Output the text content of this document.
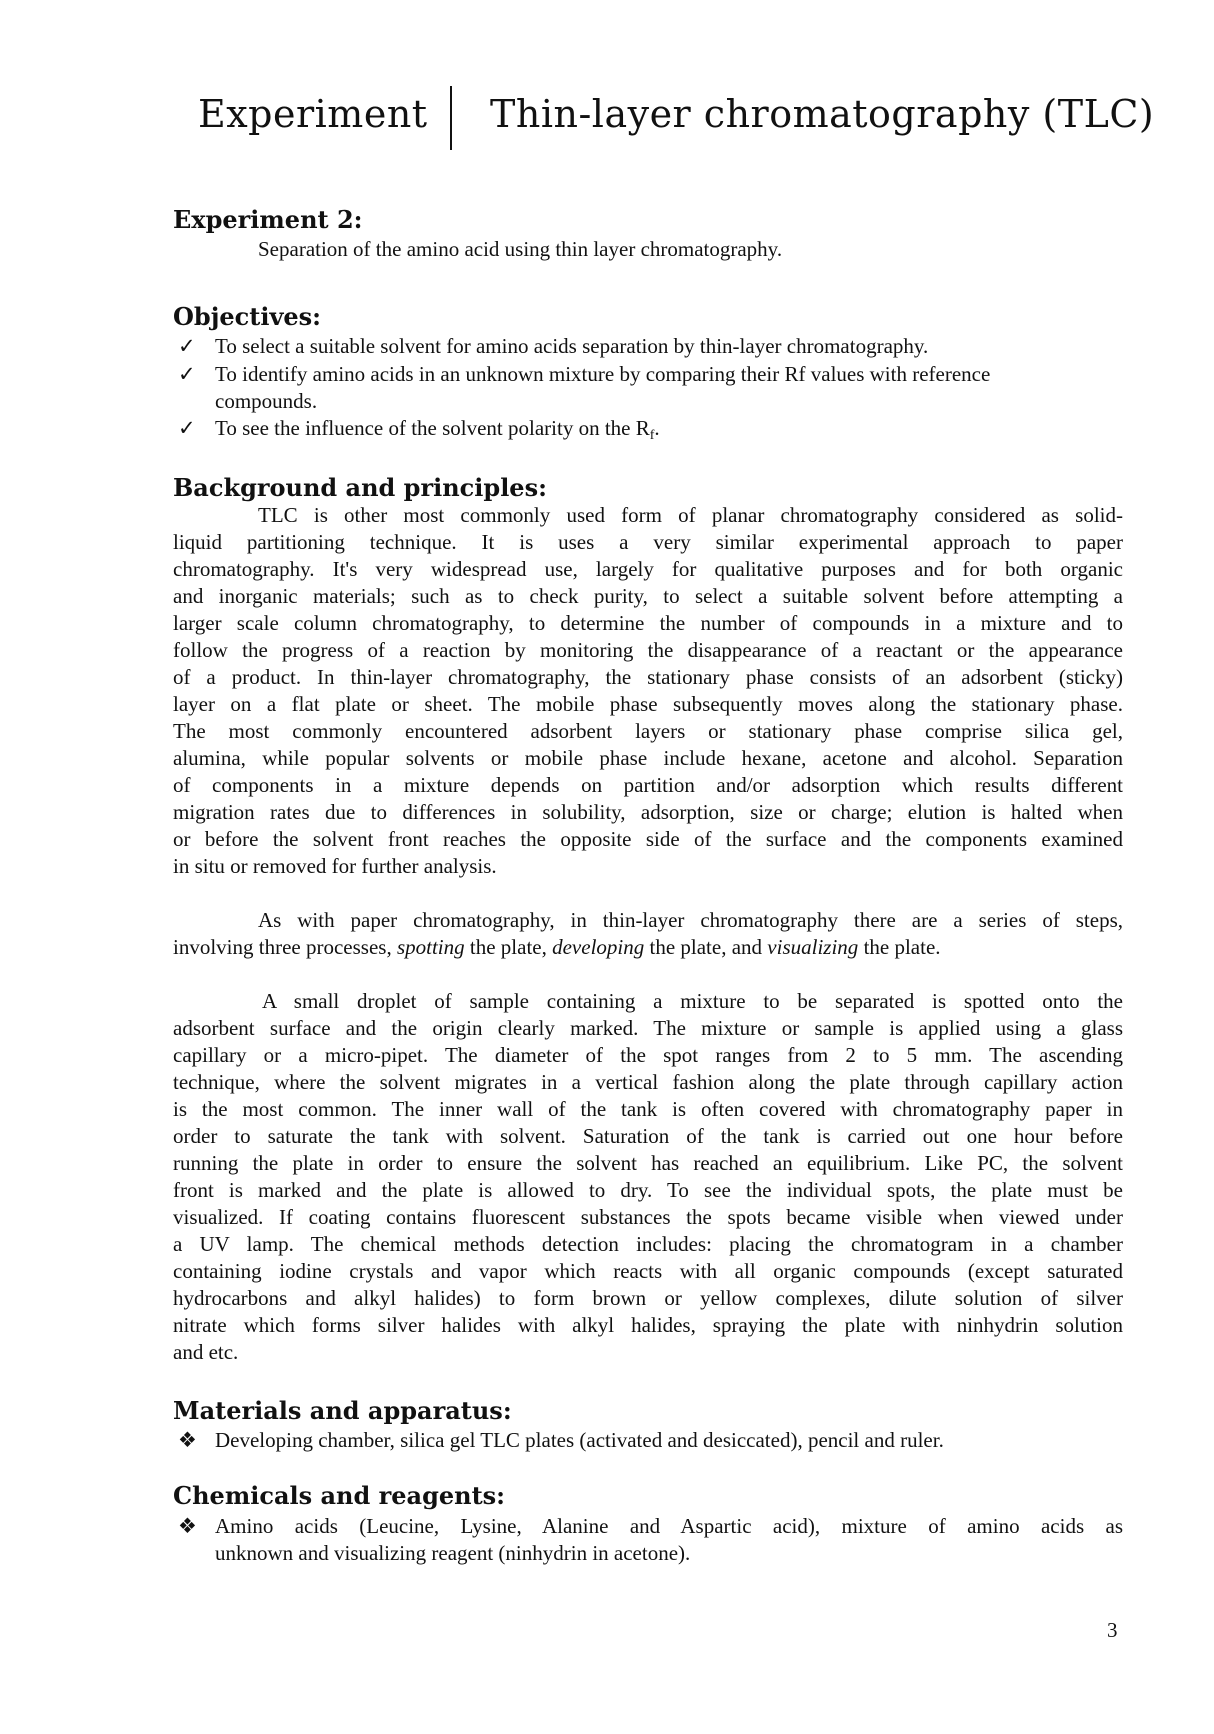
Experiment Thin-layer chromatography (TLC)
Experiment 2:
Separation of the amino acid using thin layer chromatography.
Objectives:
✓ To select a suitable solvent for amino acids separation by thin-layer chromatography.
✓ To identify amino acids in an unknown mixture by comparing their Rf values with reference
compounds.
✓ To see the influence of the solvent polarity on the $R_f$.
Background and principles:
TLC is other most commonly used form of planar chromatography considered as solid-
liquid partitioning technique. It is uses a very similar experimental approach to paper
chromatography. It's very widespread use, largely for qualitative purposes and for both organic
and inorganic materials; such as to check purity, to select a suitable solvent before attempting a
larger scale column chromatography, to determine the number of compounds in a mixture and to
follow the progress of a reaction by monitoring the disappearance of a reactant or the appearance
of a product. In thin-layer chromatography, the stationary phase consists of an adsorbent (sticky)
layer on a flat plate or sheet. The mobile phase subsequently moves along the stationary phase.
The most commonly encountered adsorbent layers or stationary phase comprise silica gel,
alumina, while popular solvents or mobile phase include hexane, acetone and alcohol. Separation
of components in a mixture depends on partition and/or adsorption which results different
migration rates due to differences in solubility, adsorption, size or charge; elution is halted when
or before the solvent front reaches the opposite side of the surface and the components examined
in situ or removed for further analysis.
As with paper chromatography, in thin-layer chromatography there are a series of steps,
involving three processes, spotting the plate, developing the plate, and visualizing the plate.
A small droplet of sample containing a mixture to be separated is spotted onto the
adsorbent surface and the origin clearly marked. The mixture or sample is applied using a glass
capillary or a micro-pipet. The diameter of the spot ranges from 2 to 5 mm. The ascending
technique, where the solvent migrates in a vertical fashion along the plate through capillary action
is the most common. The inner wall of the tank is often covered with chromatography paper in
order to saturate the tank with solvent. Saturation of the tank is carried out one hour before
running the plate in order to ensure the solvent has reached an equilibrium. Like PC, the solvent
front is marked and the plate is allowed to dry. To see the individual spots, the plate must be
visualized. If coating contains fluorescent substances the spots became visible when viewed under
a UV lamp. The chemical methods detection includes: placing the chromatogram in a chamber
containing iodine crystals and vapor which reacts with all organic compounds (except saturated
hydrocarbons and alkyl halides) to form brown or yellow complexes, dilute solution of silver
nitrate which forms silver halides with alkyl halides, spraying the plate with ninhydrin solution
and etc.
Materials and apparatus:
❖ Developing chamber, silica gel TLC plates (activated and desiccated), pencil and ruler.
Chemicals and reagents:
❖ Amino acids (Leucine, Lysine, Alanine and Aspartic acid), mixture of amino acids as
unknown and visualizing reagent (ninhydrin in acetone).
3
